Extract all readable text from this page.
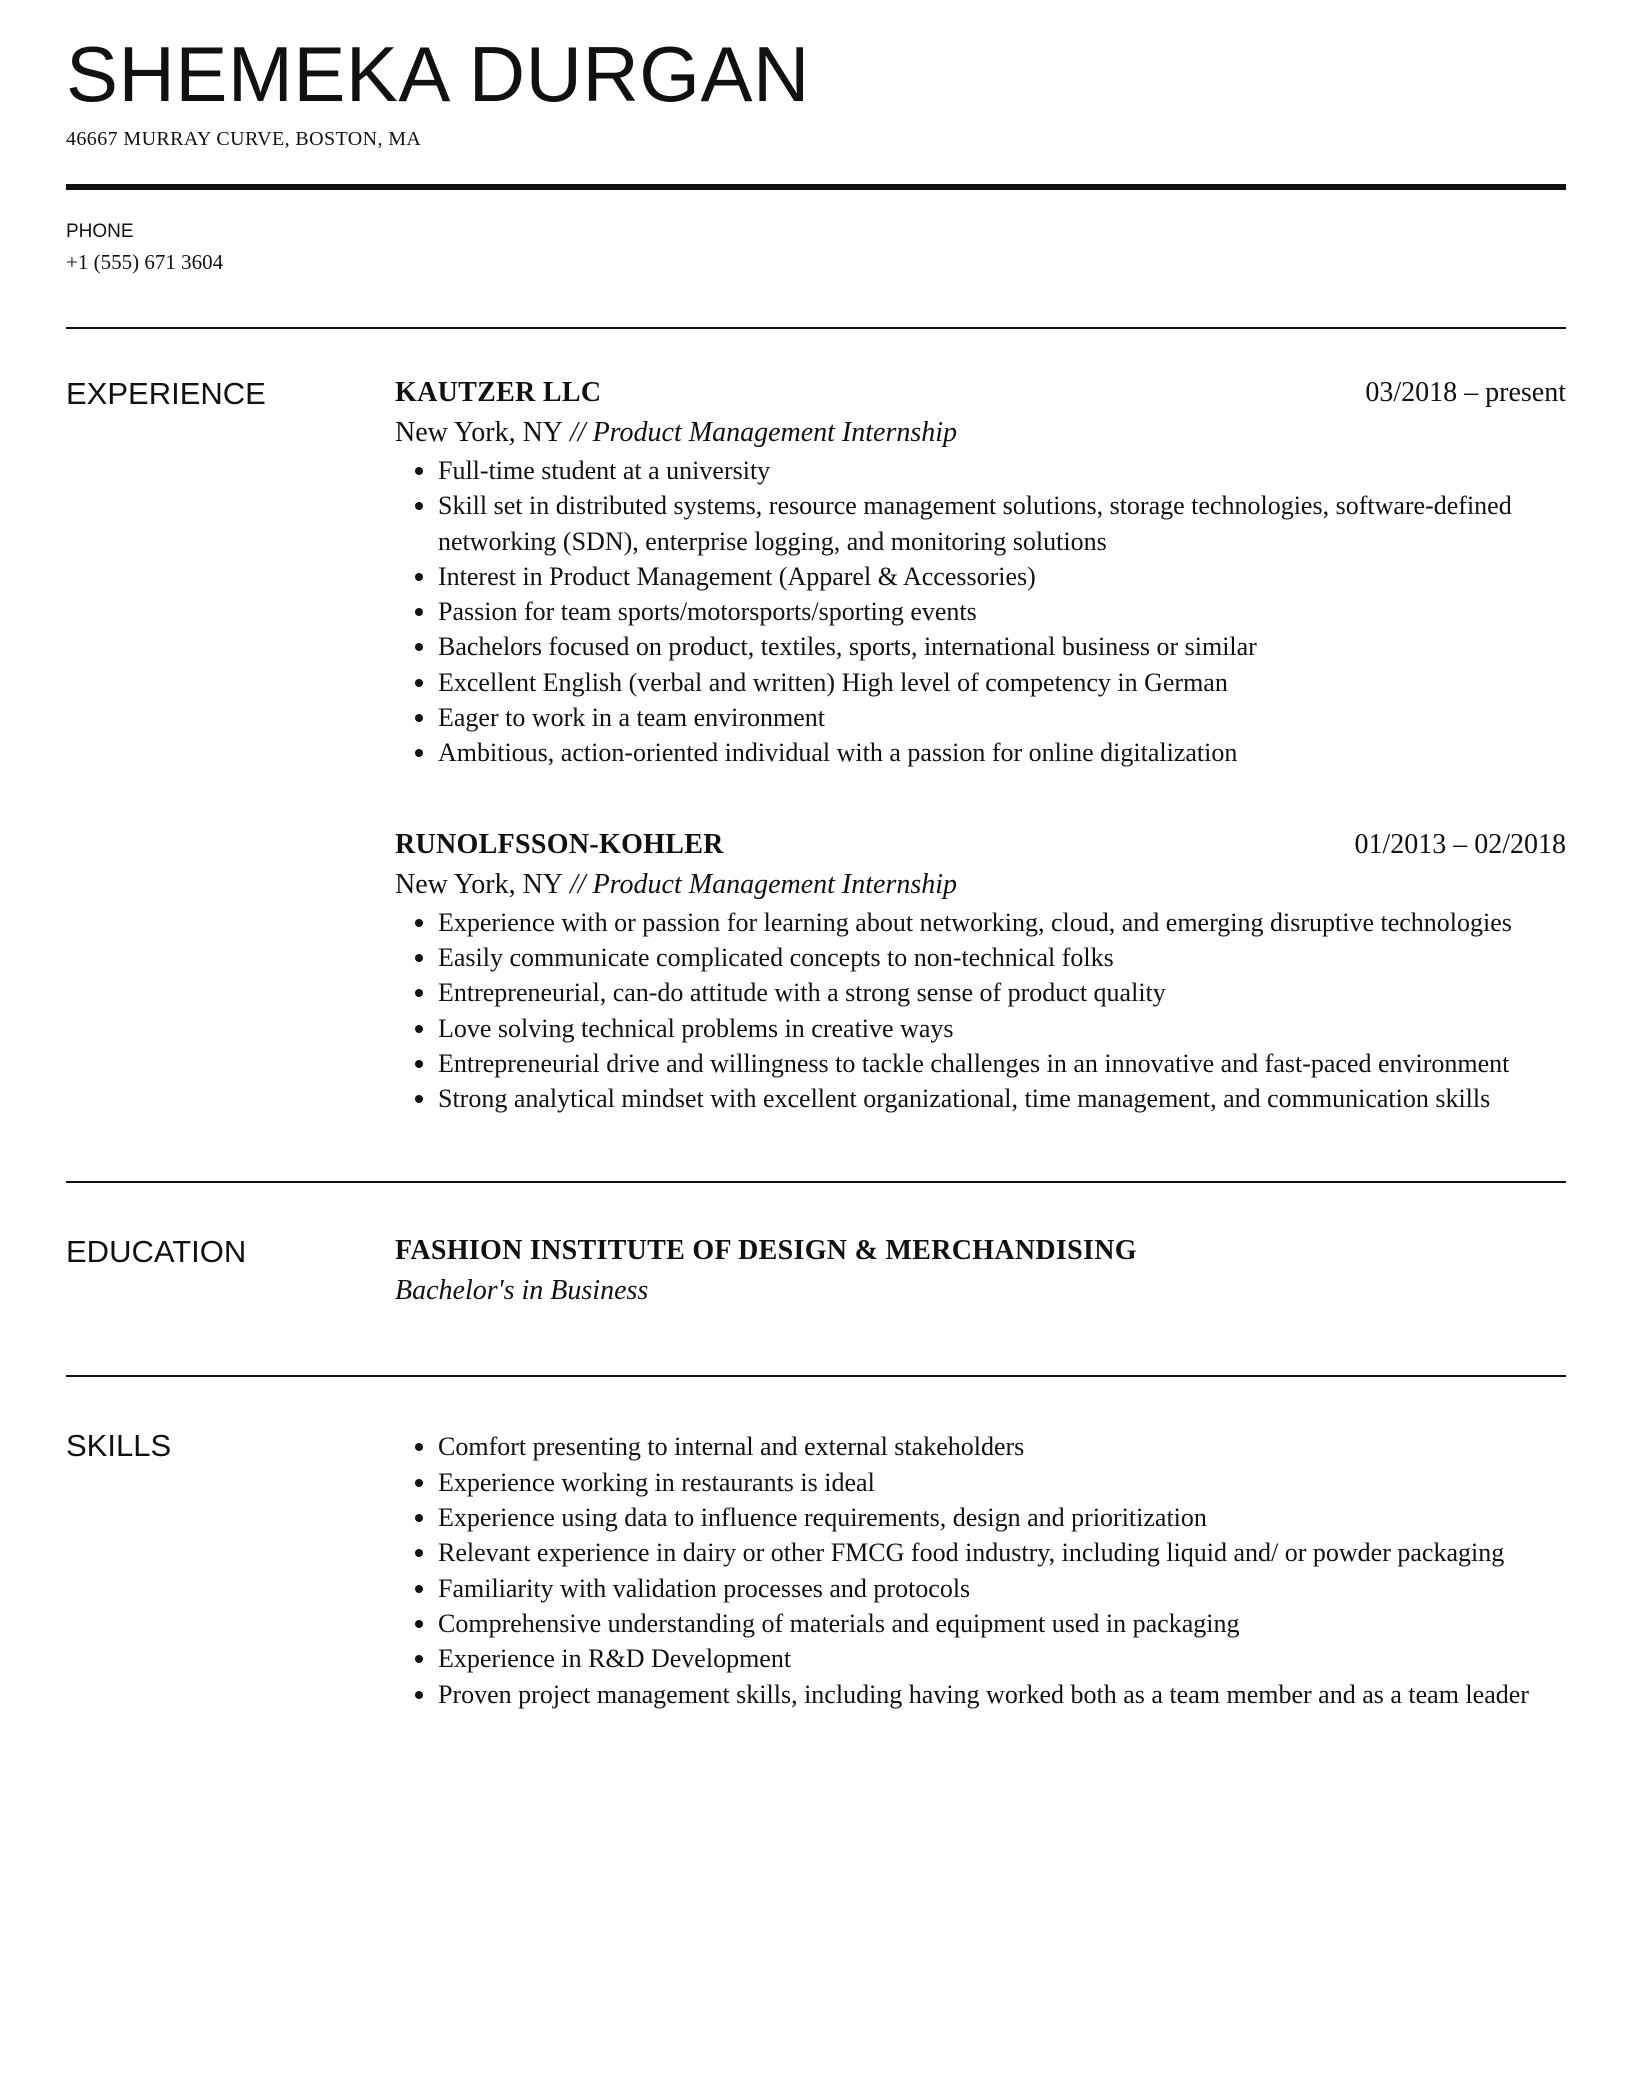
SHEMEKA DURGAN
46667 MURRAY CURVE, BOSTON, MA
PHONE
+1 (555) 671 3604
EXPERIENCE	KAUTZER LLC	03/2018 – present
New York, NY // Product Management Internship
Full-time student at a university
Skill set in distributed systems, resource management solutions, storage technologies, software-defined networking (SDN), enterprise logging, and monitoring solutions
Interest in Product Management (Apparel & Accessories)
Passion for team sports/motorsports/sporting events
Bachelors focused on product, textiles, sports, international business or similar
Excellent English (verbal and written) High level of competency in German
Eager to work in a team environment
Ambitious, action-oriented individual with a passion for online digitalization
RUNOLFSSON-KOHLER	01/2013 – 02/2018
New York, NY // Product Management Internship
Experience with or passion for learning about networking, cloud, and emerging disruptive technologies
Easily communicate complicated concepts to non-technical folks
Entrepreneurial, can-do attitude with a strong sense of product quality
Love solving technical problems in creative ways
Entrepreneurial drive and willingness to tackle challenges in an innovative and fast-paced environment
Strong analytical mindset with excellent organizational, time management, and communication skills
EDUCATION	FASHION INSTITUTE OF DESIGN & MERCHANDISING
Bachelor's in Business
SKILLS	Comfort presenting to internal and external stakeholders
Experience working in restaurants is ideal
Experience using data to influence requirements, design and prioritization
Relevant experience in dairy or other FMCG food industry, including liquid and/ or powder packaging
Familiarity with validation processes and protocols
Comprehensive understanding of materials and equipment used in packaging
Experience in R&D Development
Proven project management skills, including having worked both as a team member and as a team leader
